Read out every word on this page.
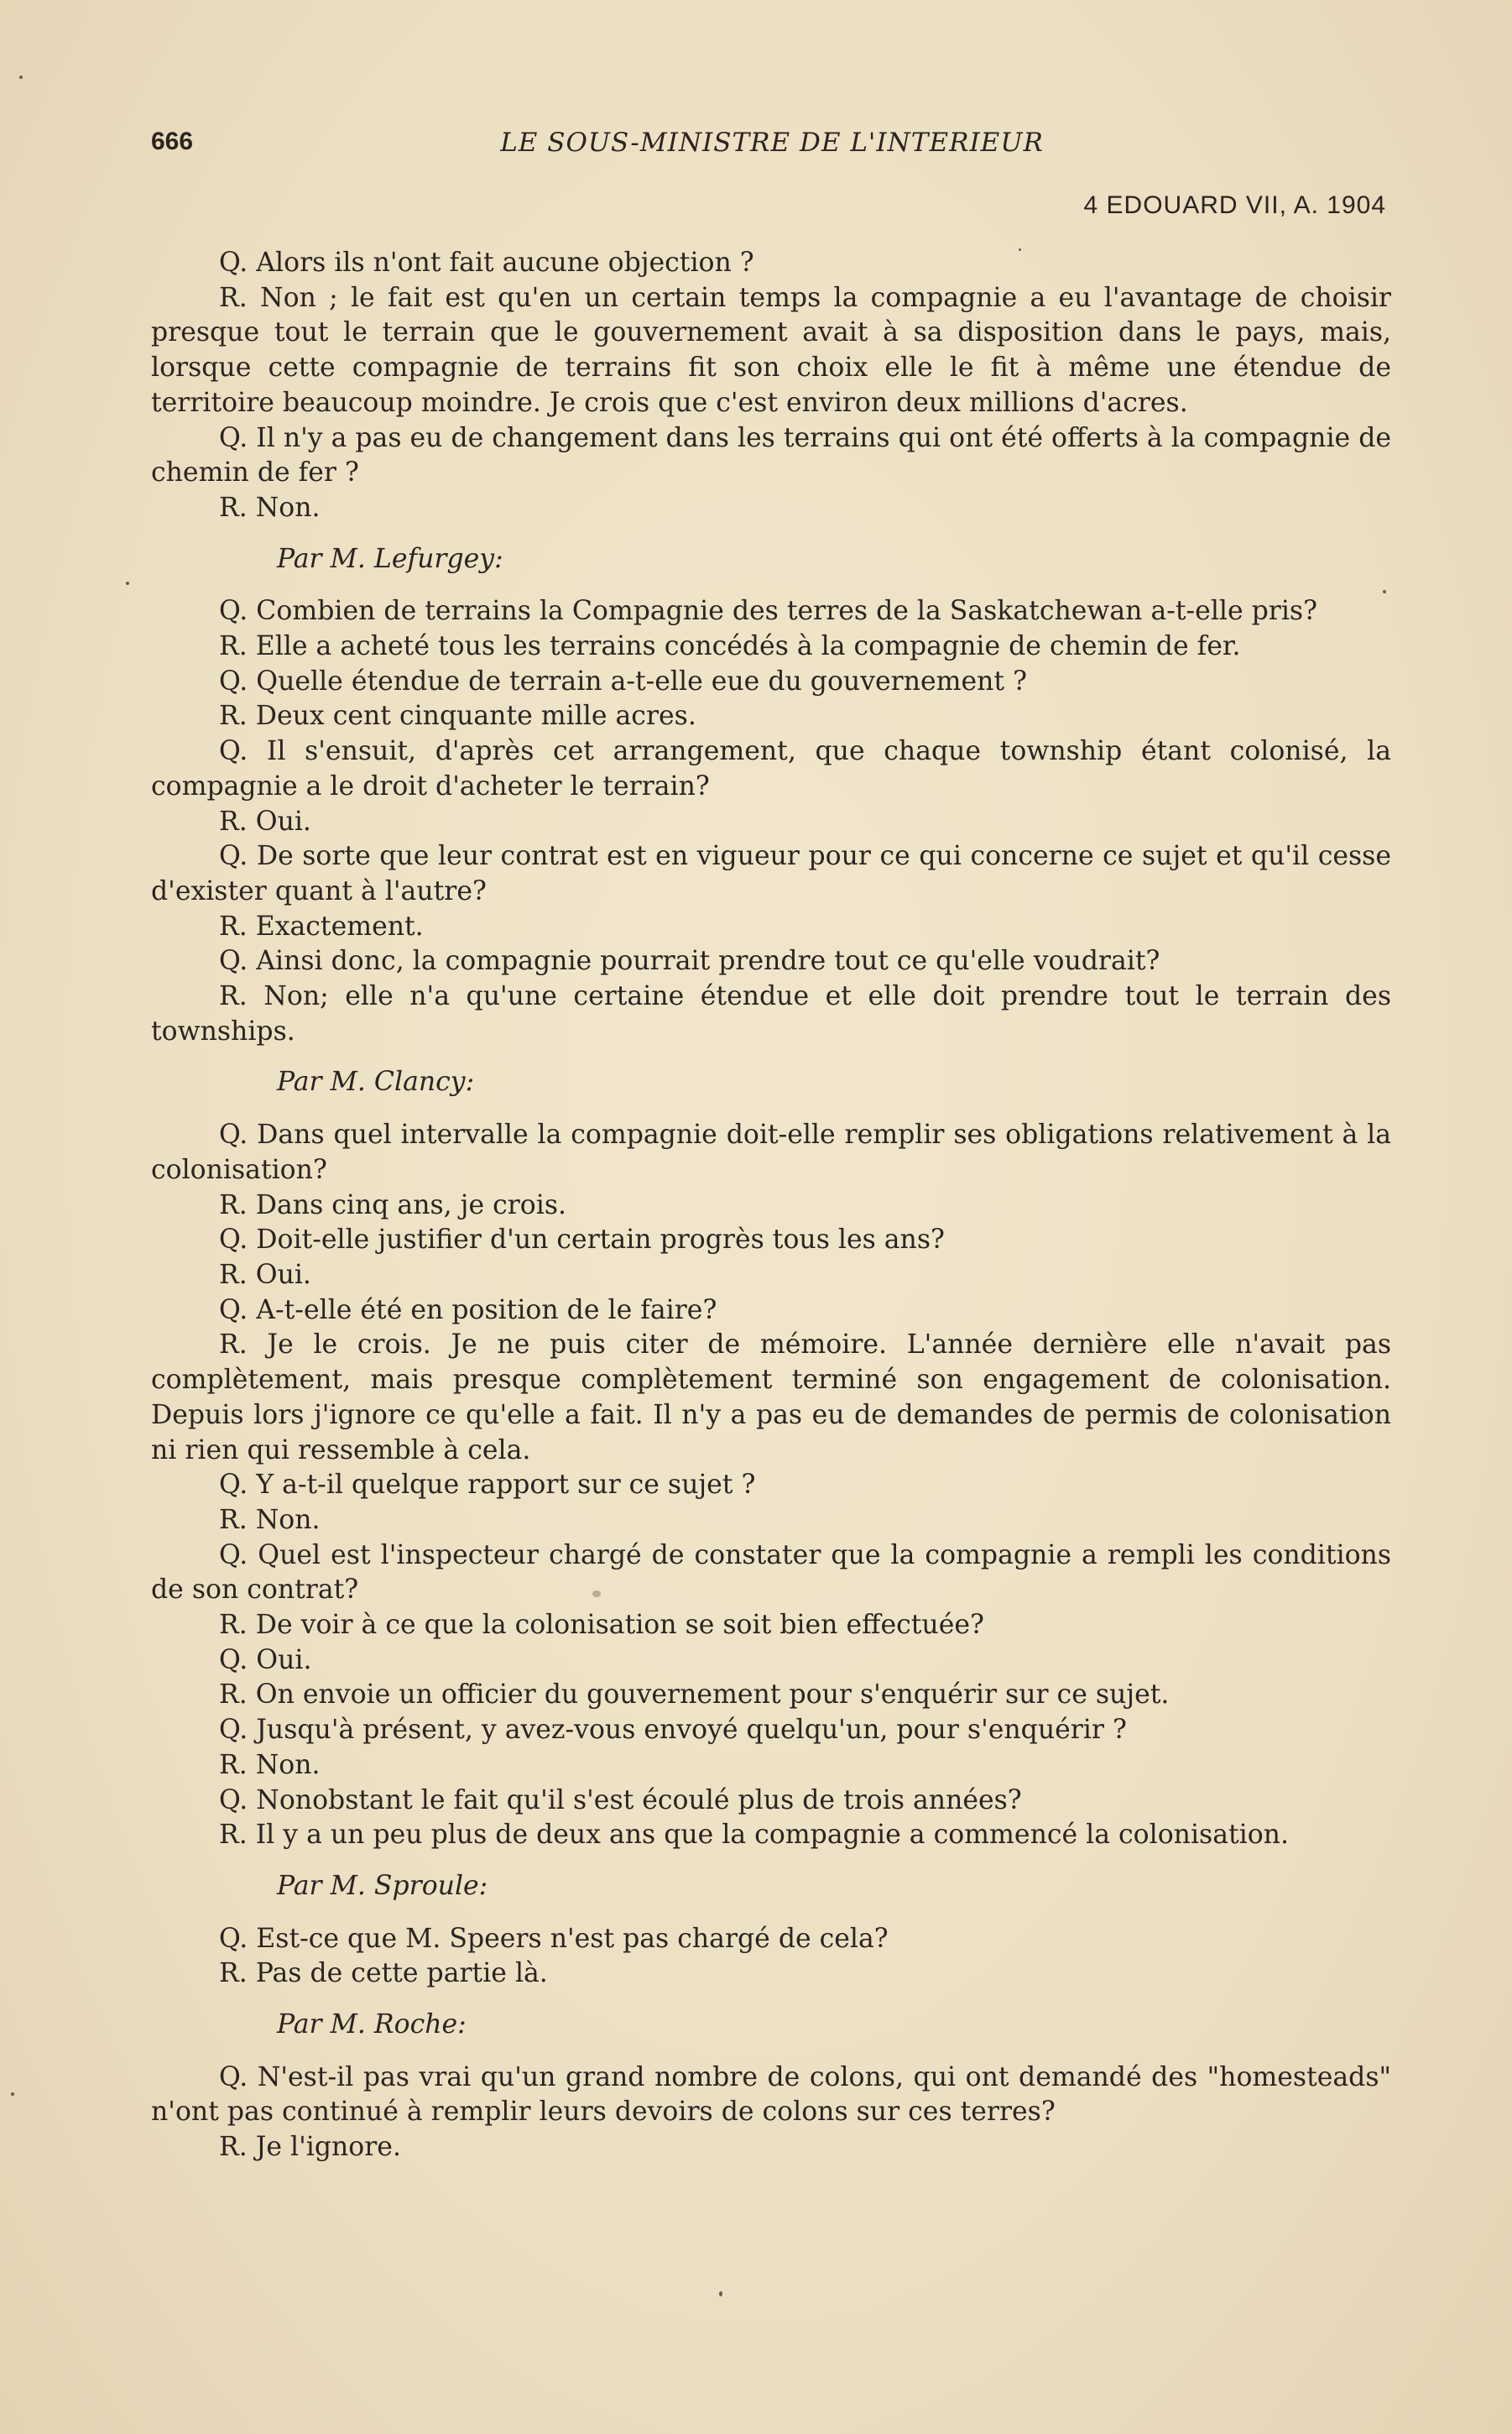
666	LE SOUS-MINISTRE DE L'INTERIEUR
4 EDOUARD VII, A. 1904

Q. Alors ils n'ont fait aucune objection ?

R. Non ; le fait est qu'en un certain temps la compagnie a eu l'avantage de choisir presque tout le terrain que le gouvernement avait à sa disposition dans le pays, mais, lorsque cette compagnie de terrains fit son choix elle le fit à même une étendue de territoire beaucoup moindre. Je crois que c'est environ deux millions d'acres.

Q. Il n'y a pas eu de changement dans les terrains qui ont été offerts à la compagnie de chemin de fer ?

R. Non.

Par M. Lefurgey:

Q. Combien de terrains la Compagnie des terres de la Saskatchewan a-t-elle pris?

R. Elle a acheté tous les terrains concédés à la compagnie de chemin de fer.

Q. Quelle étendue de terrain a-t-elle eue du gouvernement ?

R. Deux cent cinquante mille acres.

Q. Il s'ensuit, d'après cet arrangement, que chaque township étant colonisé, la compagnie a le droit d'acheter le terrain?

R. Oui.

Q. De sorte que leur contrat est en vigueur pour ce qui concerne ce sujet et qu'il cesse d'exister quant à l'autre?

R. Exactement.

Q. Ainsi donc, la compagnie pourrait prendre tout ce qu'elle voudrait?

R. Non; elle n'a qu'une certaine étendue et elle doit prendre tout le terrain des townships.

Par M. Clancy:

Q. Dans quel intervalle la compagnie doit-elle remplir ses obligations relativement à la colonisation?

R. Dans cinq ans, je crois.

Q. Doit-elle justifier d'un certain progrès tous les ans?

R. Oui.

Q. A-t-elle été en position de le faire?

R. Je le crois. Je ne puis citer de mémoire. L'année dernière elle n'avait pas complètement, mais presque complètement terminé son engagement de colonisation. Depuis lors j'ignore ce qu'elle a fait. Il n'y a pas eu de demandes de permis de colonisation ni rien qui ressemble à cela.

Q. Y a-t-il quelque rapport sur ce sujet ?

R. Non.

Q. Quel est l'inspecteur chargé de constater que la compagnie a rempli les conditions de son contrat?

R. De voir à ce que la colonisation se soit bien effectuée?

Q. Oui.

R. On envoie un officier du gouvernement pour s'enquérir sur ce sujet.

Q. Jusqu'à présent, y avez-vous envoyé quelqu'un, pour s'enquérir ?

R. Non.

Q. Nonobstant le fait qu'il s'est écoulé plus de trois années?

R. Il y a un peu plus de deux ans que la compagnie a commencé la colonisation.

Par M. Sproule:

Q. Est-ce que M. Speers n'est pas chargé de cela?

R. Pas de cette partie là.

Par M. Roche:

Q. N'est-il pas vrai qu'un grand nombre de colons, qui ont demandé des "homesteads" n'ont pas continué à remplir leurs devoirs de colons sur ces terres?

R. Je l'ignore.
